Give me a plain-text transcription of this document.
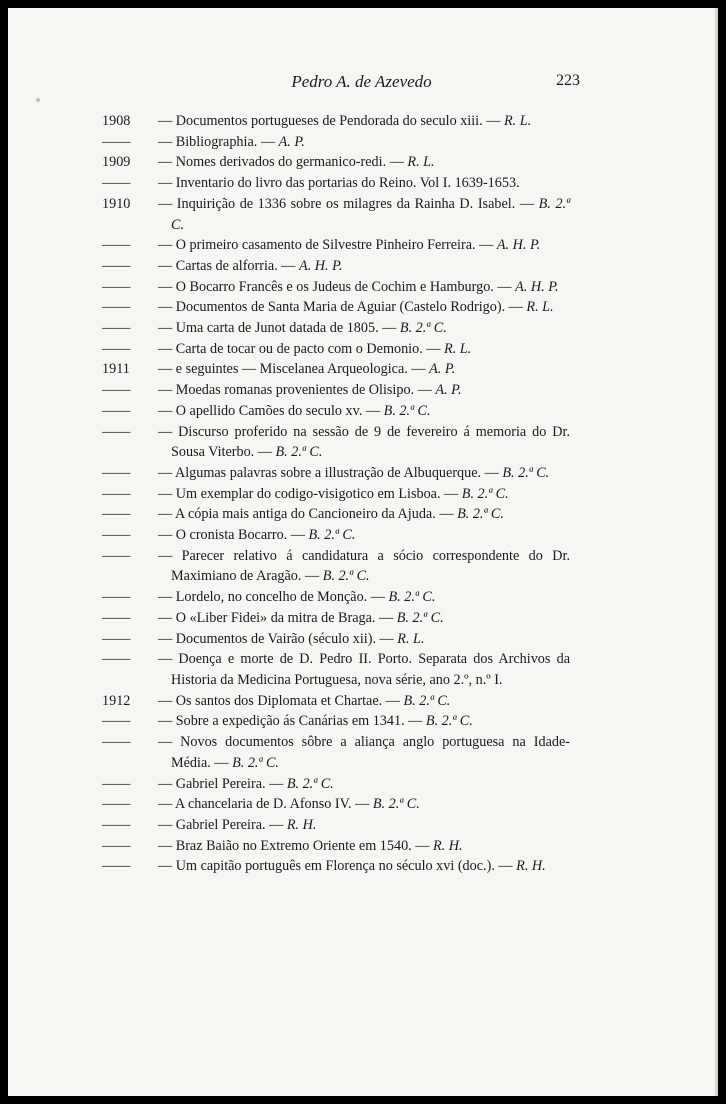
Pedro A. de Azevedo	223
1908 — Documentos portugueses de Pendorada do seculo xiii. — R. L.
—— — Bibliographia. — A. P.
1909 — Nomes derivados do germanico-redi. — R. L.
—— — Inventario do livro das portarias do Reino. Vol I. 1639-1653.
1910 — Inquirição de 1336 sobre os milagres da Rainha D. Isabel. — B. 2.ª C.
—— — O primeiro casamento de Silvestre Pinheiro Ferreira. — A. H. P.
—— — Cartas de alforria. — A. H. P.
—— — O Bocarro Francês e os Judeus de Cochim e Hamburgo. — A. H. P.
—— — Documentos de Santa Maria de Aguiar (Castelo Rodrigo). — R. L.
—— — Uma carta de Junot datada de 1805. — B. 2.ª C.
—— — Carta de tocar ou de pacto com o Demonio. — R. L.
1911 — e seguintes — Miscelanea Arqueologica. — A. P.
—— — Moedas romanas provenientes de Olisipo. — A. P.
—— — O apellido Camões do seculo xv. — B. 2.ª C.
—— — Discurso proferido na sessão de 9 de fevereiro á memoria do Dr. Sousa Viterbo. — B. 2.ª C.
—— — Algumas palavras sobre a illustração de Albuquerque. — B. 2.ª C.
—— — Um exemplar do codigo-visigotico em Lisboa. — B. 2.ª C.
—— — A cópia mais antiga do Cancioneiro da Ajuda. — B. 2.ª C.
—— — O cronista Bocarro. — B. 2.ª C.
—— — Parecer relativo á candidatura a sócio correspondente do Dr. Maximiano de Aragão. — B. 2.ª C.
—— — Lordelo, no concelho de Monção. — B. 2.ª C.
—— — O «Liber Fidei» da mitra de Braga. — B. 2.ª C.
—— — Documentos de Vairão (século xii). — R. L.
—— — Doença e morte de D. Pedro II. Porto. Separata dos Archivos da Historia da Medicina Portuguesa, nova série, ano 2.º, n.º I.
1912 — Os santos dos Diplomata et Chartae. — B. 2.ª C.
—— — Sobre a expedição ás Canárias em 1341. — B. 2.ª C.
—— — Novos documentos sôbre a aliança anglo portuguesa na Idade-Média. — B. 2.ª C.
—— — Gabriel Pereira. — B. 2.ª C.
—— — A chancelaria de D. Afonso IV. — B. 2.ª C.
—— — Gabriel Pereira. — R. H.
—— — Braz Baião no Extremo Oriente em 1540. — R. H.
—— — Um capitão português em Florença no século xvi (doc.). — R. H.
